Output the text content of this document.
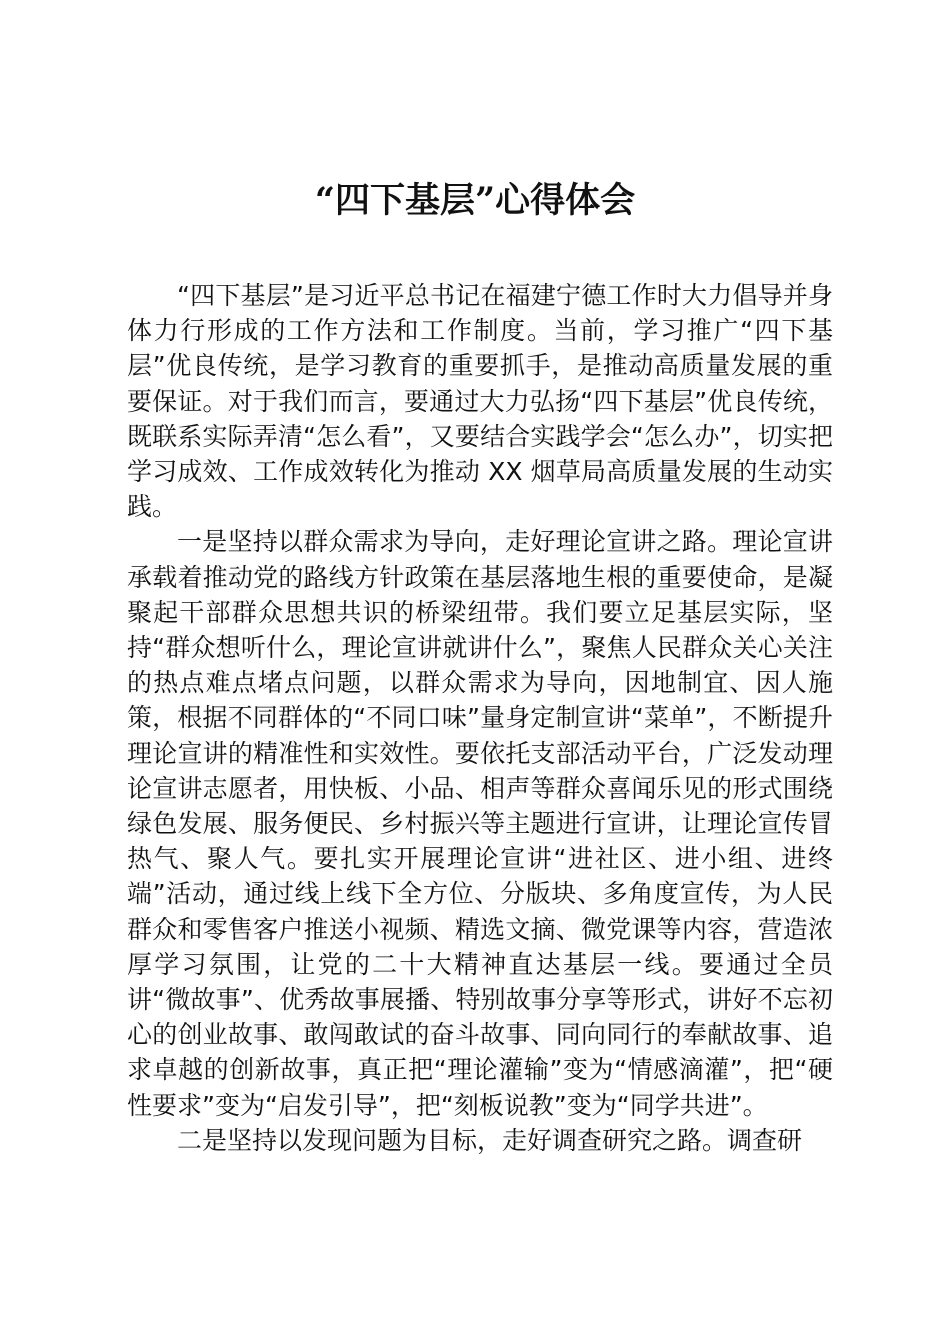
“四下基层”心得体会

“四下基层”是习近平总书记在福建宁德工作时大力倡导并身体力行形成的工作方法和工作制度。当前，学习推广“四下基层”优良传统，是学习教育的重要抓手，是推动高质量发展的重要保证。对于我们而言，要通过大力弘扬“四下基层”优良传统，既联系实际弄清“怎么看”，又要结合实践学会“怎么办”，切实把学习成效、工作成效转化为推动 XX 烟草局高质量发展的生动实践。

一是坚持以群众需求为导向，走好理论宣讲之路。理论宣讲承载着推动党的路线方针政策在基层落地生根的重要使命，是凝聚起干部群众思想共识的桥梁纽带。我们要立足基层实际，坚持“群众想听什么，理论宣讲就讲什么”，聚焦人民群众关心关注的热点难点堵点问题，以群众需求为导向，因地制宜、因人施策，根据不同群体的“不同口味”量身定制宣讲“菜单”，不断提升理论宣讲的精准性和实效性。要依托支部活动平台，广泛发动理论宣讲志愿者，用快板、小品、相声等群众喜闻乐见的形式围绕绿色发展、服务便民、乡村振兴等主题进行宣讲，让理论宣传冒热气、聚人气。要扎实开展理论宣讲“进社区、进小组、进终端”活动，通过线上线下全方位、分版块、多角度宣传，为人民群众和零售客户推送小视频、精选文摘、微党课等内容，营造浓厚学习氛围，让党的二十大精神直达基层一线。要通过全员讲“微故事”、优秀故事展播、特别故事分享等形式，讲好不忘初心的创业故事、敢闯敢试的奋斗故事、同向同行的奉献故事、追求卓越的创新故事，真正把“理论灌输”变为“情感滴灌”，把“硬性要求”变为“启发引导”，把“刻板说教”变为“同学共进”。

二是坚持以发现问题为目标，走好调查研究之路。调查研
